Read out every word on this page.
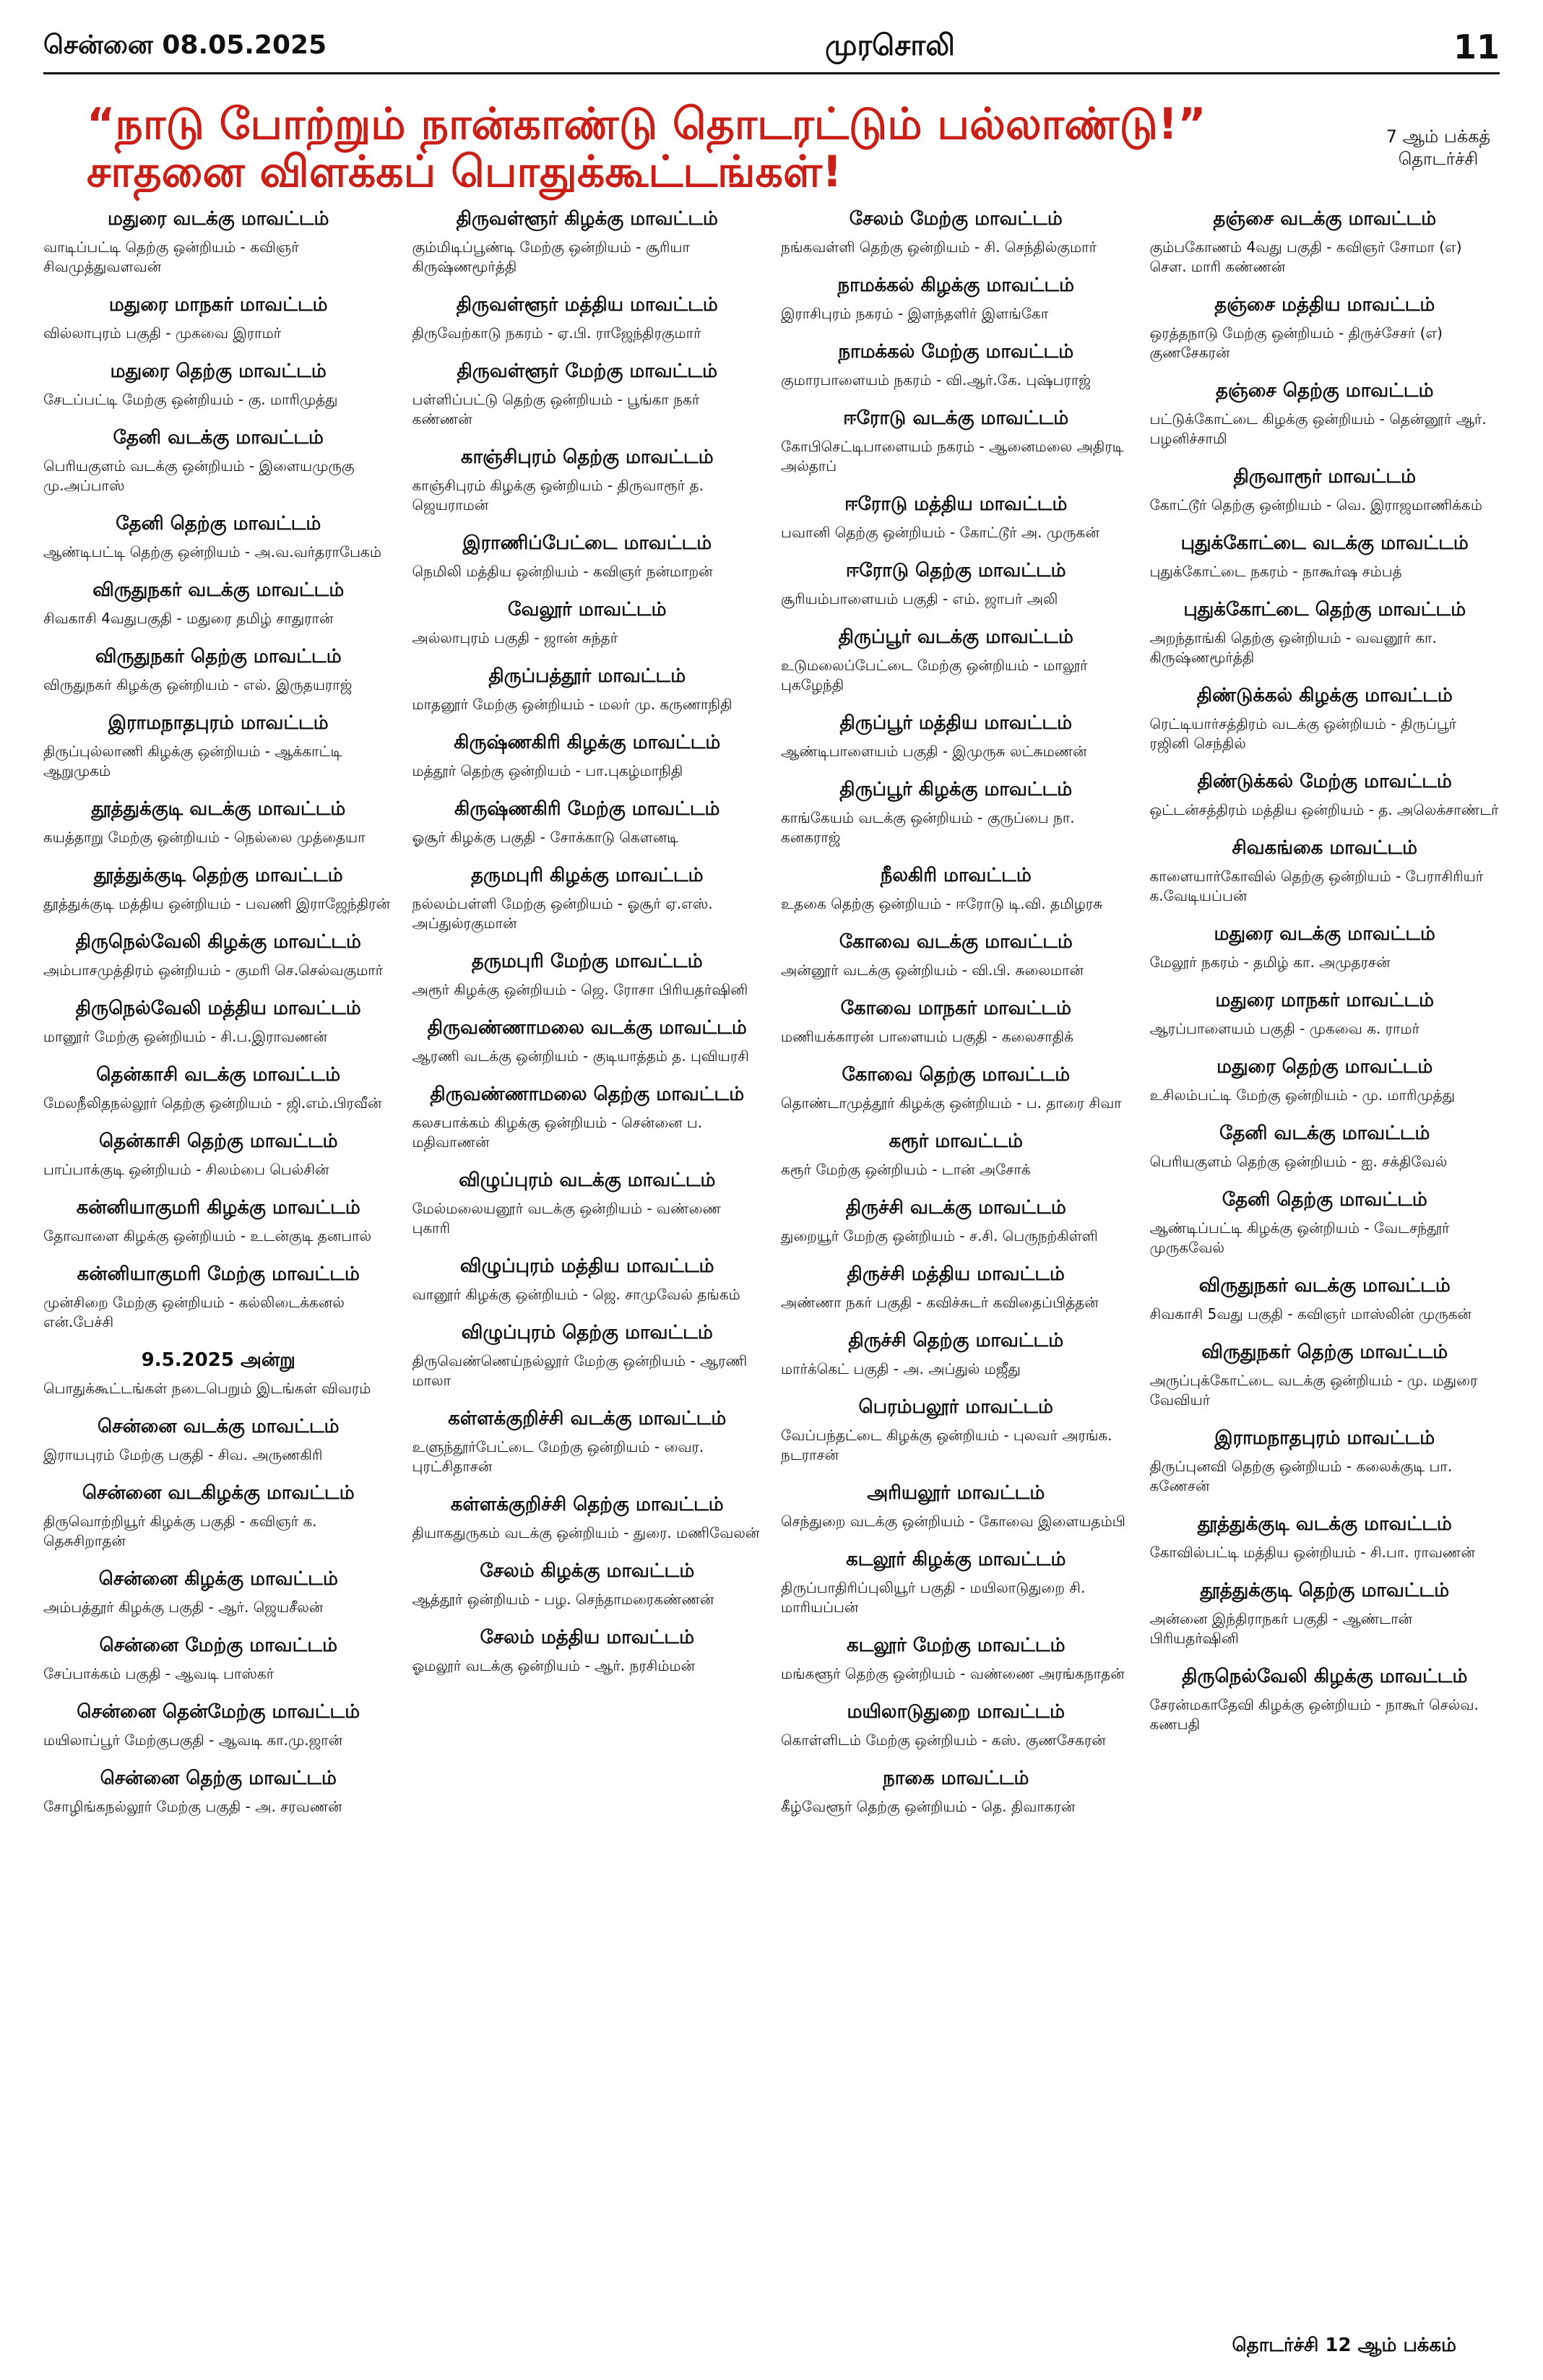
சென்னை 08.05.2025	முரசொலி	11
“நாடு போற்றும் நான்காண்டு தொடரட்டும் பல்லாண்டு!” சாதனை விளக்கப் பொதுக்கூட்டங்கள்!
7 ஆம் பக்கத் தொடர்ச்சி
மதுரை வடக்கு மாவட்டம்

வாடிப்பட்டி தெற்கு ஒன்றியம் - கவிஞர் சிவமுத்துவளவன்

மதுரை மாநகர் மாவட்டம்

வில்லாபுரம் பகுதி - முகவை இராமர்

மதுரை தெற்கு மாவட்டம்

சேடப்பட்டி மேற்கு ஒன்றியம் - கு. மாரிமுத்து

தேனி வடக்கு மாவட்டம்

பெரியகுளம் வடக்கு ஒன்றியம் - இளையமுருகு மு.அப்பாஸ்

தேனி தெற்கு மாவட்டம்

ஆண்டிபட்டி தெற்கு ஒன்றியம் - அ.வ.வர்தராபேகம்

விருதுநகர் வடக்கு மாவட்டம்

சிவகாசி 4வதுபகுதி - மதுரை தமிழ் சாதுரான்

விருதுநகர் தெற்கு மாவட்டம்

விருதுநகர் கிழக்கு ஒன்றியம் - எல். இருதயராஜ்

இராமநாதபுரம் மாவட்டம்

திருப்புல்லாணி கிழக்கு ஒன்றியம் - ஆக்காட்டி ஆறுமுகம்

தூத்துக்குடி வடக்கு மாவட்டம்

கயத்தாறு மேற்கு ஒன்றியம் - நெல்லை முத்தையா

தூத்துக்குடி தெற்கு மாவட்டம்

தூத்துக்குடி மத்திய ஒன்றியம் - பவணி இராஜேந்திரன்

திருநெல்வேலி கிழக்கு மாவட்டம்

அம்பாசமுத்திரம் ஒன்றியம் - குமரி செ.செல்வகுமார்

திருநெல்வேலி மத்திய மாவட்டம்

மானூர் மேற்கு ஒன்றியம் - சி.ப.இராவணன்

தென்காசி வடக்கு மாவட்டம்

மேலநீலிதநல்லூர் தெற்கு ஒன்றியம் - ஜி.எம்.பிரவீன்

தென்காசி தெற்கு மாவட்டம்

பாப்பாக்குடி ஒன்றியம் - சிலம்பை பெல்சின்

கன்னியாகுமரி கிழக்கு மாவட்டம்

தோவாளை கிழக்கு ஒன்றியம் - உடன்குடி தனபால்

கன்னியாகுமரி மேற்கு மாவட்டம்

முன்சிறை மேற்கு ஒன்றியம் - கல்லிடைக்கனல் என்.பேச்சி

9.5.2025 அன்று

பொதுக்கூட்டங்கள் நடைபெறும் இடங்கள் விவரம்

சென்னை வடக்கு மாவட்டம்

இராயபுரம் மேற்கு பகுதி - சிவ. அருணகிரி

சென்னை வடகிழக்கு மாவட்டம்

திருவொற்றியூர் கிழக்கு பகுதி - கவிஞர் க. தெசுசிறாதன்

சென்னை கிழக்கு மாவட்டம்

அம்பத்தூர் கிழக்கு பகுதி - ஆர். ஜெயசீலன்

சென்னை மேற்கு மாவட்டம்

சேப்பாக்கம் பகுதி - ஆவடி பாஸ்கர்

சென்னை தென்மேற்கு மாவட்டம்

மயிலாப்பூர் மேற்குபகுதி - ஆவடி கா.மு.ஜான்

சென்னை தெற்கு மாவட்டம்

சோழிங்கநல்லூர் மேற்கு பகுதி - அ. சரவணன்

திருவள்ளூர் கிழக்கு மாவட்டம்

கும்மிடிப்பூண்டி மேற்கு ஒன்றியம் - சூரியா கிருஷ்ணமூர்த்தி

திருவள்ளூர் மத்திய மாவட்டம்

திருவேற்காடு நகரம் - ஏ.பி. ராஜேந்திரகுமார்

திருவள்ளூர் மேற்கு மாவட்டம்

பள்ளிப்பட்டு தெற்கு ஒன்றியம் - பூங்கா நகர் கண்ணன்

காஞ்சிபுரம் தெற்கு மாவட்டம்

காஞ்சிபுரம் கிழக்கு ஒன்றியம் - திருவாரூர் த. ஜெயராமன்

இராணிப்பேட்டை மாவட்டம்

நெமிலி மத்திய ஒன்றியம் - கவிஞர் நன்மாறன்

வேலூர் மாவட்டம்

அல்லாபுரம் பகுதி - ஜான் சுந்தர்

திருப்பத்தூர் மாவட்டம்

மாதனூர் மேற்கு ஒன்றியம் - மலர் மு. கருணாநிதி

கிருஷ்ணகிரி கிழக்கு மாவட்டம்

மத்தூர் தெற்கு ஒன்றியம் - பா.புகழ்மாநிதி

கிருஷ்ணகிரி மேற்கு மாவட்டம்

ஓசூர் கிழக்கு பகுதி - சோக்காடு கௌனடி

தருமபுரி கிழக்கு மாவட்டம்

நல்லம்பள்ளி மேற்கு ஒன்றியம் - ஓசூர் ஏ.எஸ். அப்துல்ரகுமான்

தருமபுரி மேற்கு மாவட்டம்

அரூர் கிழக்கு ஒன்றியம் - ஜெ. ரோசா பிரியதர்ஷினி

திருவண்ணாமலை வடக்கு மாவட்டம்

ஆரணி வடக்கு ஒன்றியம் - குடியாத்தம் த. புவியரசி

திருவண்ணாமலை தெற்கு மாவட்டம்

கலசபாக்கம் கிழக்கு ஒன்றியம் - சென்னை ப. மதிவாணன்

விழுப்புரம் வடக்கு மாவட்டம்

மேல்மலையனூர் வடக்கு ஒன்றியம் - வண்ணை புகாரி

விழுப்புரம் மத்திய மாவட்டம்

வானூர் கிழக்கு ஒன்றியம் - ஜெ. சாமுவேல் தங்கம்

விழுப்புரம் தெற்கு மாவட்டம்

திருவெண்ணெய்நல்லூர் மேற்கு ஒன்றியம் - ஆரணி மாலா

கள்ளக்குறிச்சி வடக்கு மாவட்டம்

உளுந்தூர்பேட்டை மேற்கு ஒன்றியம் - வைர. புரட்சிதாசன்

கள்ளக்குறிச்சி தெற்கு மாவட்டம்

தியாகதுருகம் வடக்கு ஒன்றியம் - துரை. மணிவேலன்

சேலம் கிழக்கு மாவட்டம்

ஆத்தூர் ஒன்றியம் - பழ. செந்தாமரைகண்ணன்

சேலம் மத்திய மாவட்டம்

ஓமலூர் வடக்கு ஒன்றியம் - ஆர். நரசிம்மன்

சேலம் மேற்கு மாவட்டம்

நங்கவள்ளி தெற்கு ஒன்றியம் - சி. செந்தில்குமார்

நாமக்கல் கிழக்கு மாவட்டம்

இராசிபுரம் நகரம் - இளந்தளிர் இளங்கோ

நாமக்கல் மேற்கு மாவட்டம்

குமாரபாளையம் நகரம் - வி.ஆர்.கே. புஷ்பராஜ்

ஈரோடு வடக்கு மாவட்டம்

கோபிசெட்டிபாளையம் நகரம் - ஆனைமலை அதிரடி அல்தாப்

ஈரோடு மத்திய மாவட்டம்

பவானி தெற்கு ஒன்றியம் - கோட்டூர் அ. முருகன்

ஈரோடு தெற்கு மாவட்டம்

சூரியம்பாளையம் பகுதி - எம். ஜாபர் அலி

திருப்பூர் வடக்கு மாவட்டம்

உடுமலைப்பேட்டை மேற்கு ஒன்றியம் - மாலூர் புகழேந்தி

திருப்பூர் மத்திய மாவட்டம்

ஆண்டிபாளையம் பகுதி - இமுருசு லட்சுமணன்

திருப்பூர் கிழக்கு மாவட்டம்

காங்கேயம் வடக்கு ஒன்றியம் - குருப்பை நா. கனகராஜ்

நீலகிரி மாவட்டம்

உதகை தெற்கு ஒன்றியம் - ஈரோடு டி.வி. தமிழரசு

கோவை வடக்கு மாவட்டம்

அன்னூர் வடக்கு ஒன்றியம் - வி.பி. சுலைமான்

கோவை மாநகர் மாவட்டம்

மணியக்காரன் பாளையம் பகுதி - கலைசாதிக்

கோவை தெற்கு மாவட்டம்

தொண்டாமுத்தூர் கிழக்கு ஒன்றியம் - ப. தாரை சிவா

கரூர் மாவட்டம்

கரூர் மேற்கு ஒன்றியம் - டான் அசோக்

திருச்சி வடக்கு மாவட்டம்

துறையூர் மேற்கு ஒன்றியம் - ச.சி. பெருநற்கிள்ளி

திருச்சி மத்திய மாவட்டம்

அண்ணா நகர் பகுதி - கவிச்சுடர் கவிதைப்பித்தன்

திருச்சி தெற்கு மாவட்டம்

மார்க்கெட் பகுதி - அ. அப்துல் மஜீது

பெரம்பலூர் மாவட்டம்

வேப்பந்தட்டை கிழக்கு ஒன்றியம் - புலவர் அரங்க. நடராசன்

அரியலூர் மாவட்டம்

செந்துறை வடக்கு ஒன்றியம் - கோவை இளையதம்பி

கடலூர் கிழக்கு மாவட்டம்

திருப்பாதிரிப்புலியூர் பகுதி - மயிலாடுதுறை சி. மாரியப்பன்

கடலூர் மேற்கு மாவட்டம்

மங்களூர் தெற்கு ஒன்றியம் - வண்ணை அரங்கநாதன்

மயிலாடுதுறை மாவட்டம்

கொள்ளிடம் மேற்கு ஒன்றியம் - கஸ். குணசேகரன்

நாகை மாவட்டம்

கீழ்வேளூர் தெற்கு ஒன்றியம் - தெ. திவாகரன்

தஞ்சை வடக்கு மாவட்டம்

கும்பகோணம் 4வது பகுதி - கவிஞர் சோமா (எ) சௌ. மாரி கண்ணன்

தஞ்சை மத்திய மாவட்டம்

ஒரத்தநாடு மேற்கு ஒன்றியம் - திருச்சேசர் (எ) குணசேகரன்

தஞ்சை தெற்கு மாவட்டம்

பட்டுக்கோட்டை கிழக்கு ஒன்றியம் - தென்னூர் ஆர். பழனிச்சாமி

திருவாரூர் மாவட்டம்

கோட்டூர் தெற்கு ஒன்றியம் - வெ. இராஜமாணிக்கம்

புதுக்கோட்டை வடக்கு மாவட்டம்

புதுக்கோட்டை நகரம் - நாகூர்ஷ சம்பத்

புதுக்கோட்டை தெற்கு மாவட்டம்

அறந்தாங்கி தெற்கு ஒன்றியம் - வவனூர் கா. கிருஷ்ணமூர்த்தி

திண்டுக்கல் கிழக்கு மாவட்டம்

ரெட்டியார்சத்திரம் வடக்கு ஒன்றியம் - திருப்பூர் ரஜினி செந்தில்

திண்டுக்கல் மேற்கு மாவட்டம்

ஒட்டன்சத்திரம் மத்திய ஒன்றியம் - த. அலெக்சாண்டர்

சிவகங்கை மாவட்டம்

காளையார்கோவில் தெற்கு ஒன்றியம் - பேராசிரியர் க.வேடியப்பன்

மதுரை வடக்கு மாவட்டம்

மேலூர் நகரம் - தமிழ் கா. அமுதரசன்

மதுரை மாநகர் மாவட்டம்

ஆரப்பாளையம் பகுதி - முகவை க. ராமர்

மதுரை தெற்கு மாவட்டம்

உசிலம்பட்டி மேற்கு ஒன்றியம் - மு. மாரிமுத்து

தேனி வடக்கு மாவட்டம்

பெரியகுளம் தெற்கு ஒன்றியம் - ஐ. சக்திவேல்

தேனி தெற்கு மாவட்டம்

ஆண்டிப்பட்டி கிழக்கு ஒன்றியம் - வேடசந்தூர் முருகவேல்

விருதுநகர் வடக்கு மாவட்டம்

சிவகாசி 5வது பகுதி - கவிஞர் மாஸ்லின் முருகன்

விருதுநகர் தெற்கு மாவட்டம்

அருப்புக்கோட்டை வடக்கு ஒன்றியம் - மு. மதுரை வேவியர்

இராமநாதபுரம் மாவட்டம்

திருப்புனவி தெற்கு ஒன்றியம் - கலைக்குடி பா. கணேசன்

தூத்துக்குடி வடக்கு மாவட்டம்

கோவில்பட்டி மத்திய ஒன்றியம் - சி.பா. ராவணன்

தூத்துக்குடி தெற்கு மாவட்டம்

அன்னை இந்திராநகர் பகுதி - ஆண்டான் பிரியதர்ஷினி

திருநெல்வேலி கிழக்கு மாவட்டம்

சேரன்மகாதேவி கிழக்கு ஒன்றியம் - நாகூர் செல்வ. கணபதி

தொடர்ச்சி 12 ஆம் பக்கம்
